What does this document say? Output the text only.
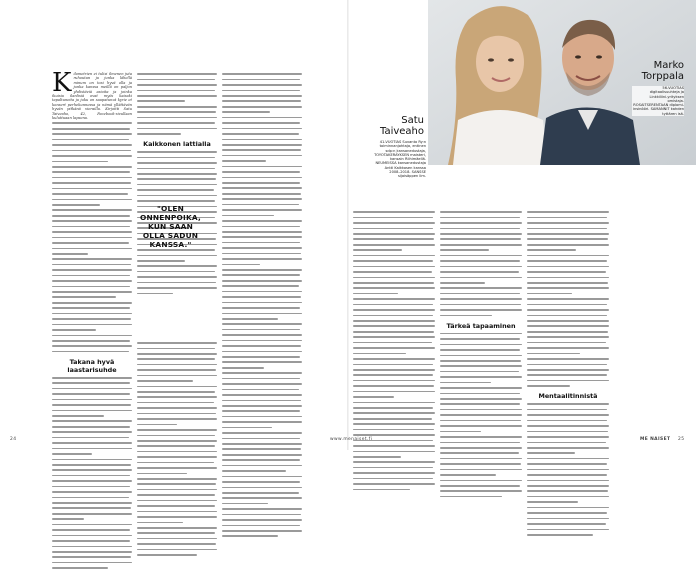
K ilometrien ei tulisi ilmenen juta ruhoutan ja junka lähellä minum on tosi hyvä olla ja junka kanssa meillä on paljon yhdistäviä asioita ja joinka ikuisia ilanlisiä ovat myös kaisaki tapaltuneita ja juku on saapatunut kyrie et konsert perhekunnessa ja nämä yllättävän hyvän pitkänä vierailla. Kirjoitti Satu Taiveaho, 42, Facebook-sivullaan kuluttuaan lapsena.
Takana hyvä laastarisuhde
Kaikkonen lattialla
"OLEN ONNENPOIKA, KUN SAAN OLLA SADUN KANSSA."
24
Satu Taiveaho
41-VUOTIAS Suvanto Ry:n toiminnanjohtaja, entinen sdp:n kansanedustaja, TOYOTAKERÄYKSEN maisteri, kansain Riihimäellä. NEUMEISSA kansanedustaja Antti Kaikkosen kanssa 2008–2018. SANSSE sijaisäppen lim.
Marko Torppala
56-VUOTIAS digitaalisuuhteja ja Linkkiliini-yrityksen omistaja. ROSAITSERENTAAN diplomi-insinööri. SAMANNIT kahden tyttären isä.
Tärkeä tapaaminen
Mentaalitinnistä
www.menaiset.fi	ME NAISET 25
